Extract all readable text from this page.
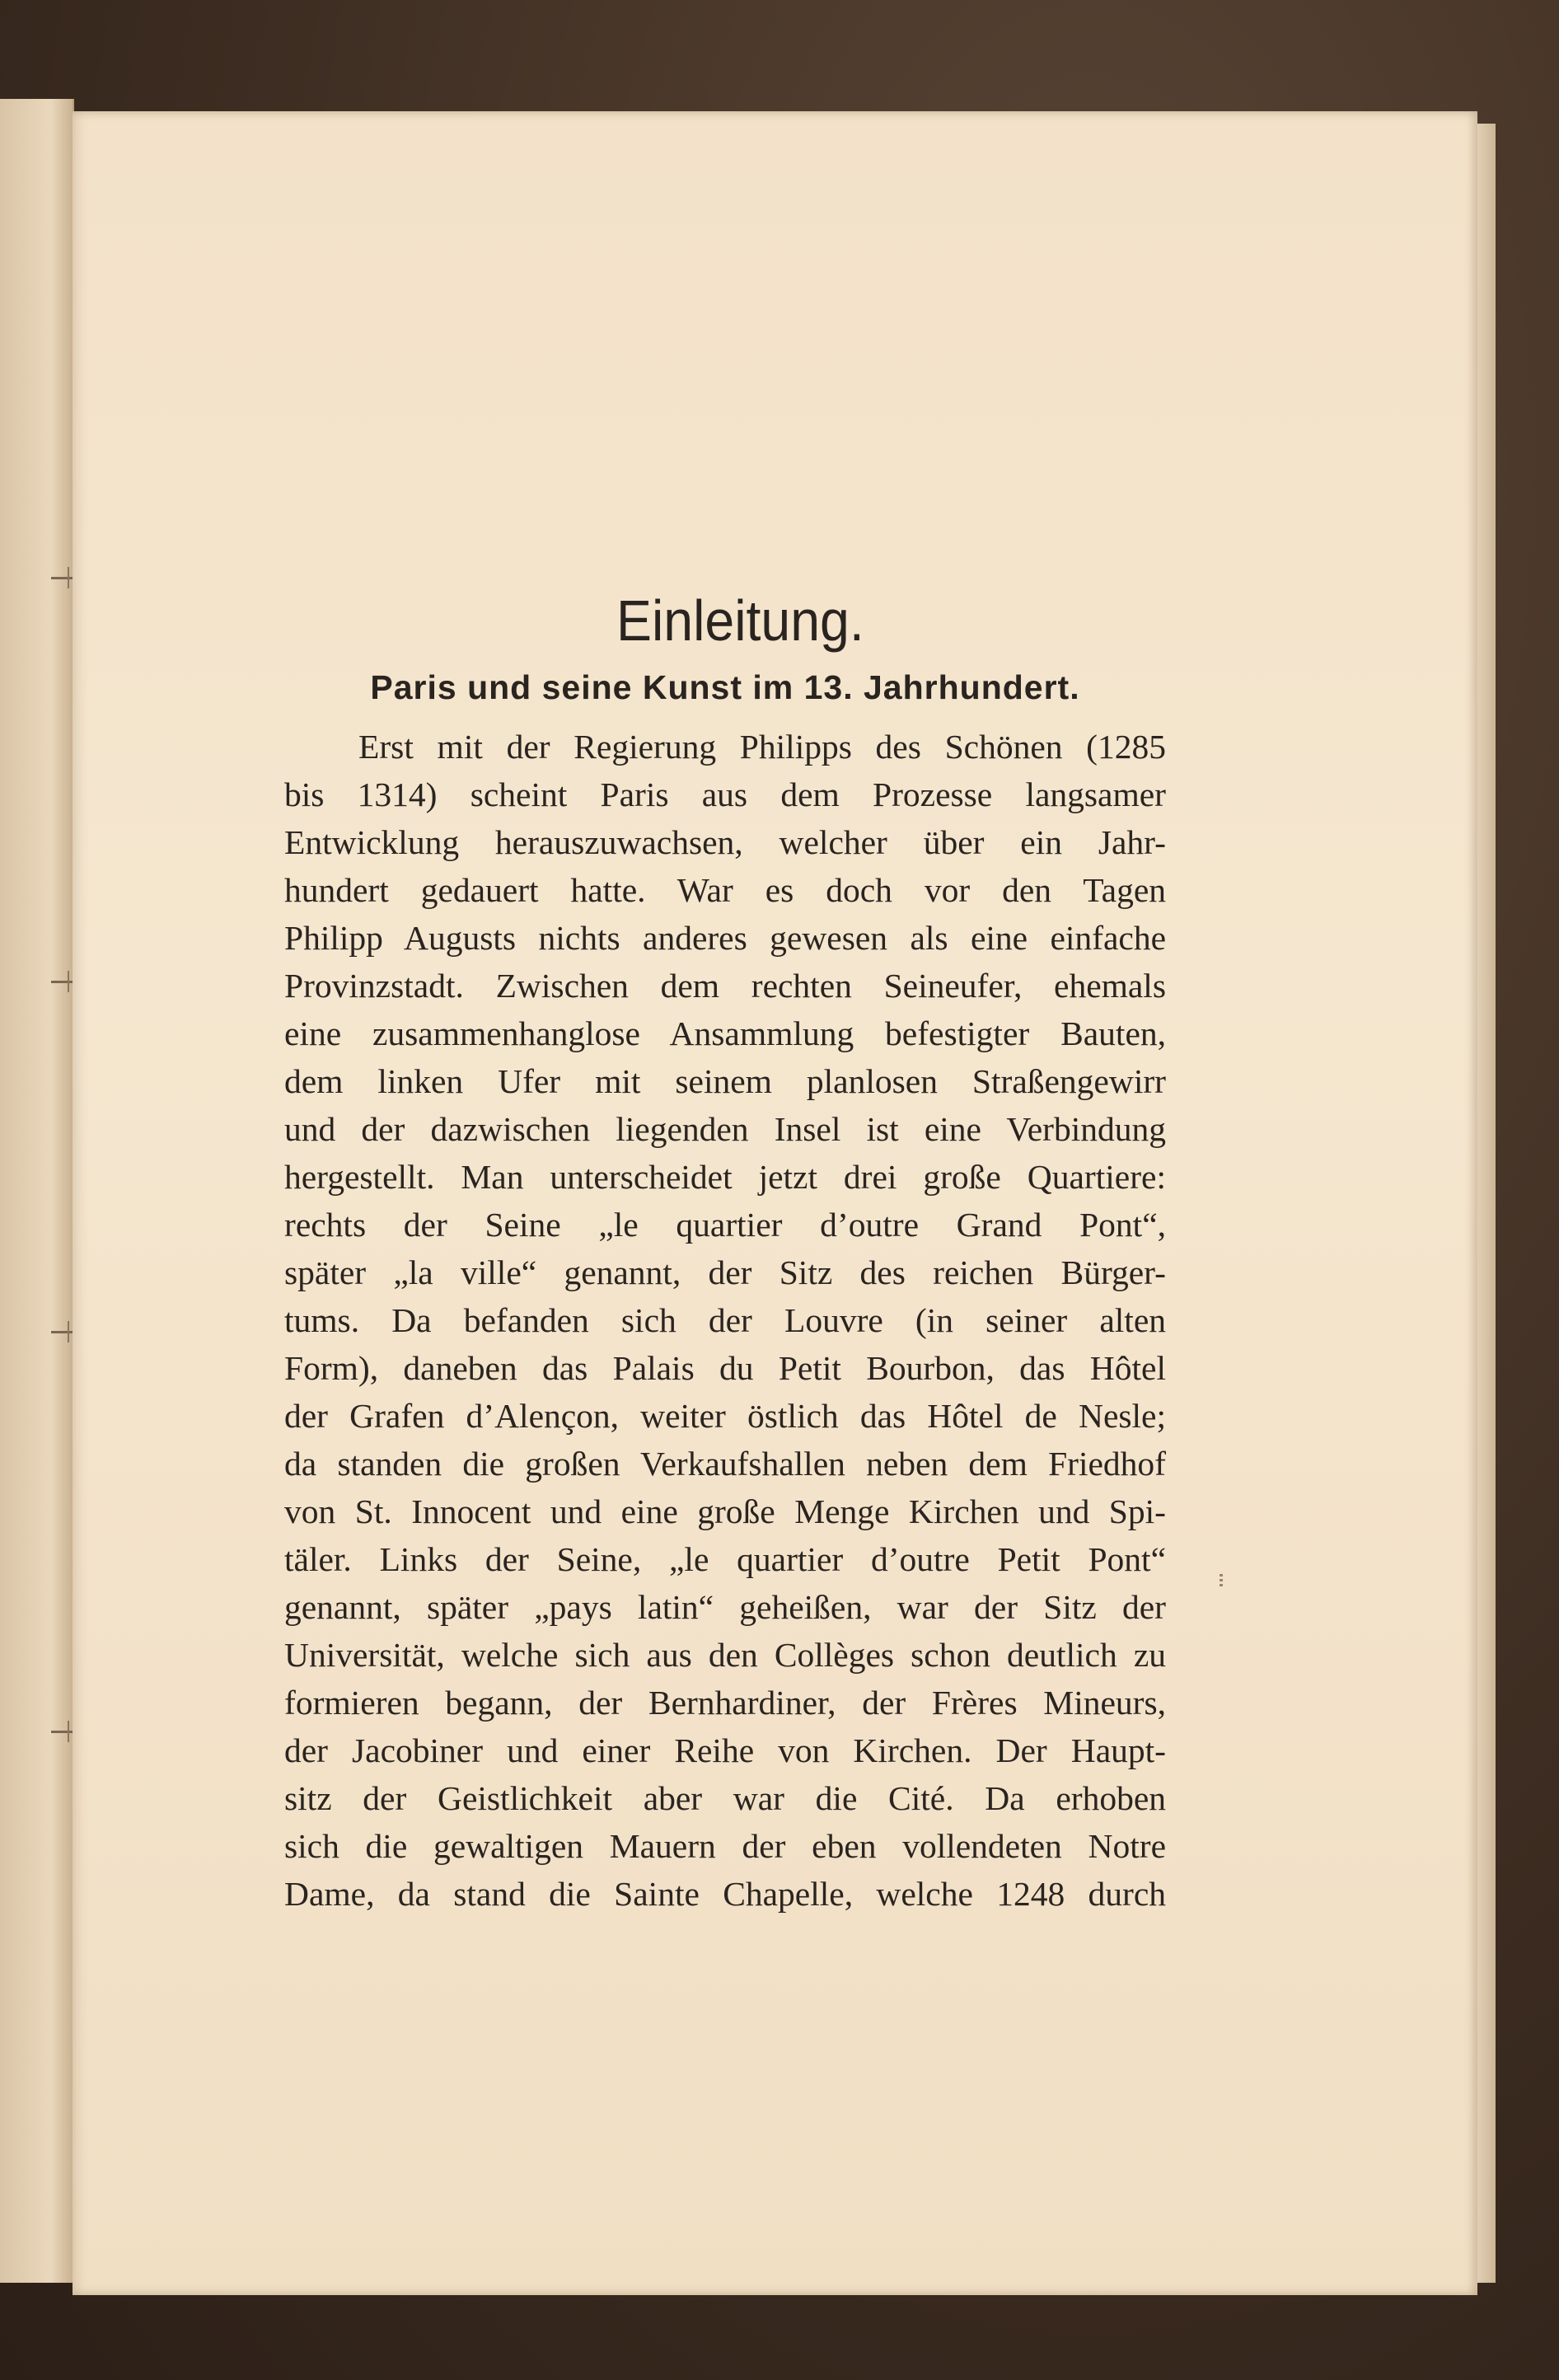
Einleitung.
Paris und seine Kunst im 13. Jahrhundert.
Erst mit der Regierung Philipps des Schönen (1285
bis 1314) scheint Paris aus dem Prozesse langsamer
Entwicklung herauszuwachsen, welcher über ein Jahr-
hundert gedauert hatte. War es doch vor den Tagen
Philipp Augusts nichts anderes gewesen als eine einfache
Provinzstadt. Zwischen dem rechten Seineufer, ehemals
eine zusammenhanglose Ansammlung befestigter Bauten,
dem linken Ufer mit seinem planlosen Straßengewirr
und der dazwischen liegenden Insel ist eine Verbindung
hergestellt. Man unterscheidet jetzt drei große Quartiere:
rechts der Seine „le quartier d’outre Grand Pont“,
später „la ville“ genannt, der Sitz des reichen Bürger-
tums. Da befanden sich der Louvre (in seiner alten
Form), daneben das Palais du Petit Bourbon, das Hôtel
der Grafen d’Alençon, weiter östlich das Hôtel de Nesle;
da standen die großen Verkaufshallen neben dem Friedhof
von St. Innocent und eine große Menge Kirchen und Spi-
täler. Links der Seine, „le quartier d’outre Petit Pont“
genannt, später „pays latin“ geheißen, war der Sitz der
Universität, welche sich aus den Collèges schon deutlich zu
formieren begann, der Bernhardiner, der Frères Mineurs,
der Jacobiner und einer Reihe von Kirchen. Der Haupt-
sitz der Geistlichkeit aber war die Cité. Da erhoben
sich die gewaltigen Mauern der eben vollendeten Notre
Dame, da stand die Sainte Chapelle, welche 1248 durch
